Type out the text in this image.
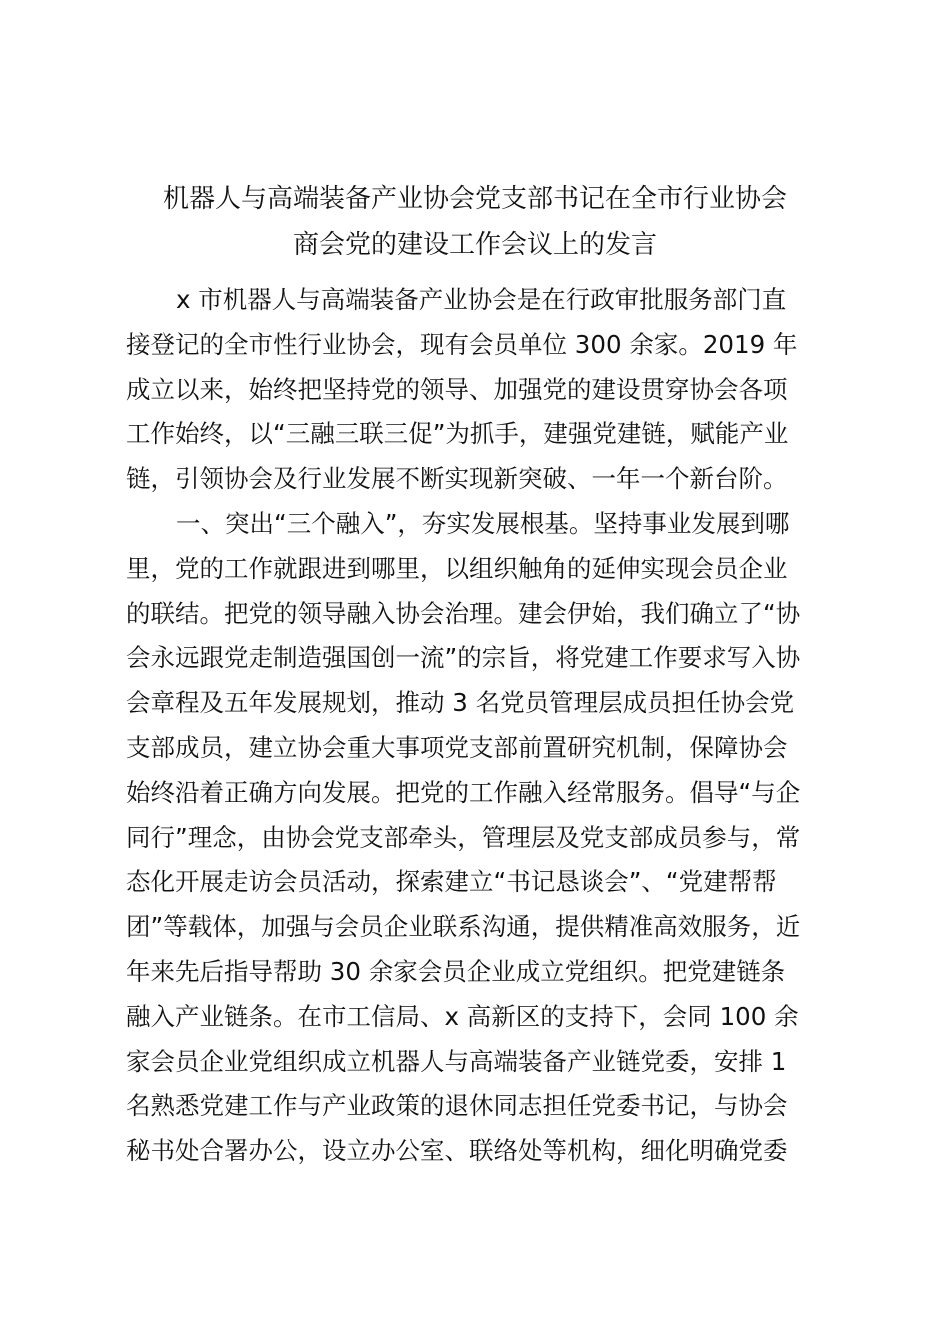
机器人与高端装备产业协会党支部书记在全市行业协会
商会党的建设工作会议上的发言
x 市机器人与高端装备产业协会是在行政审批服务部门直
接登记的全市性行业协会，现有会员单位 300 余家。2019 年
成立以来，始终把坚持党的领导、加强党的建设贯穿协会各项
工作始终，以“三融三联三促”为抓手，建强党建链，赋能产业
链，引领协会及行业发展不断实现新突破、一年一个新台阶。
一、突出“三个融入”，夯实发展根基。坚持事业发展到哪
里，党的工作就跟进到哪里，以组织触角的延伸实现会员企业
的联结。把党的领导融入协会治理。建会伊始，我们确立了“协
会永远跟党走制造强国创一流”的宗旨，将党建工作要求写入协
会章程及五年发展规划，推动 3 名党员管理层成员担任协会党
支部成员，建立协会重大事项党支部前置研究机制，保障协会
始终沿着正确方向发展。把党的工作融入经常服务。倡导“与企
同行”理念，由协会党支部牵头，管理层及党支部成员参与，常
态化开展走访会员活动，探索建立“书记恳谈会”、“党建帮帮
团”等载体，加强与会员企业联系沟通，提供精准高效服务，近
年来先后指导帮助 30 余家会员企业成立党组织。把党建链条
融入产业链条。在市工信局、x 高新区的支持下，会同 100 余
家会员企业党组织成立机器人与高端装备产业链党委，安排 1
名熟悉党建工作与产业政策的退休同志担任党委书记，与协会
秘书处合署办公，设立办公室、联络处等机构，细化明确党委
